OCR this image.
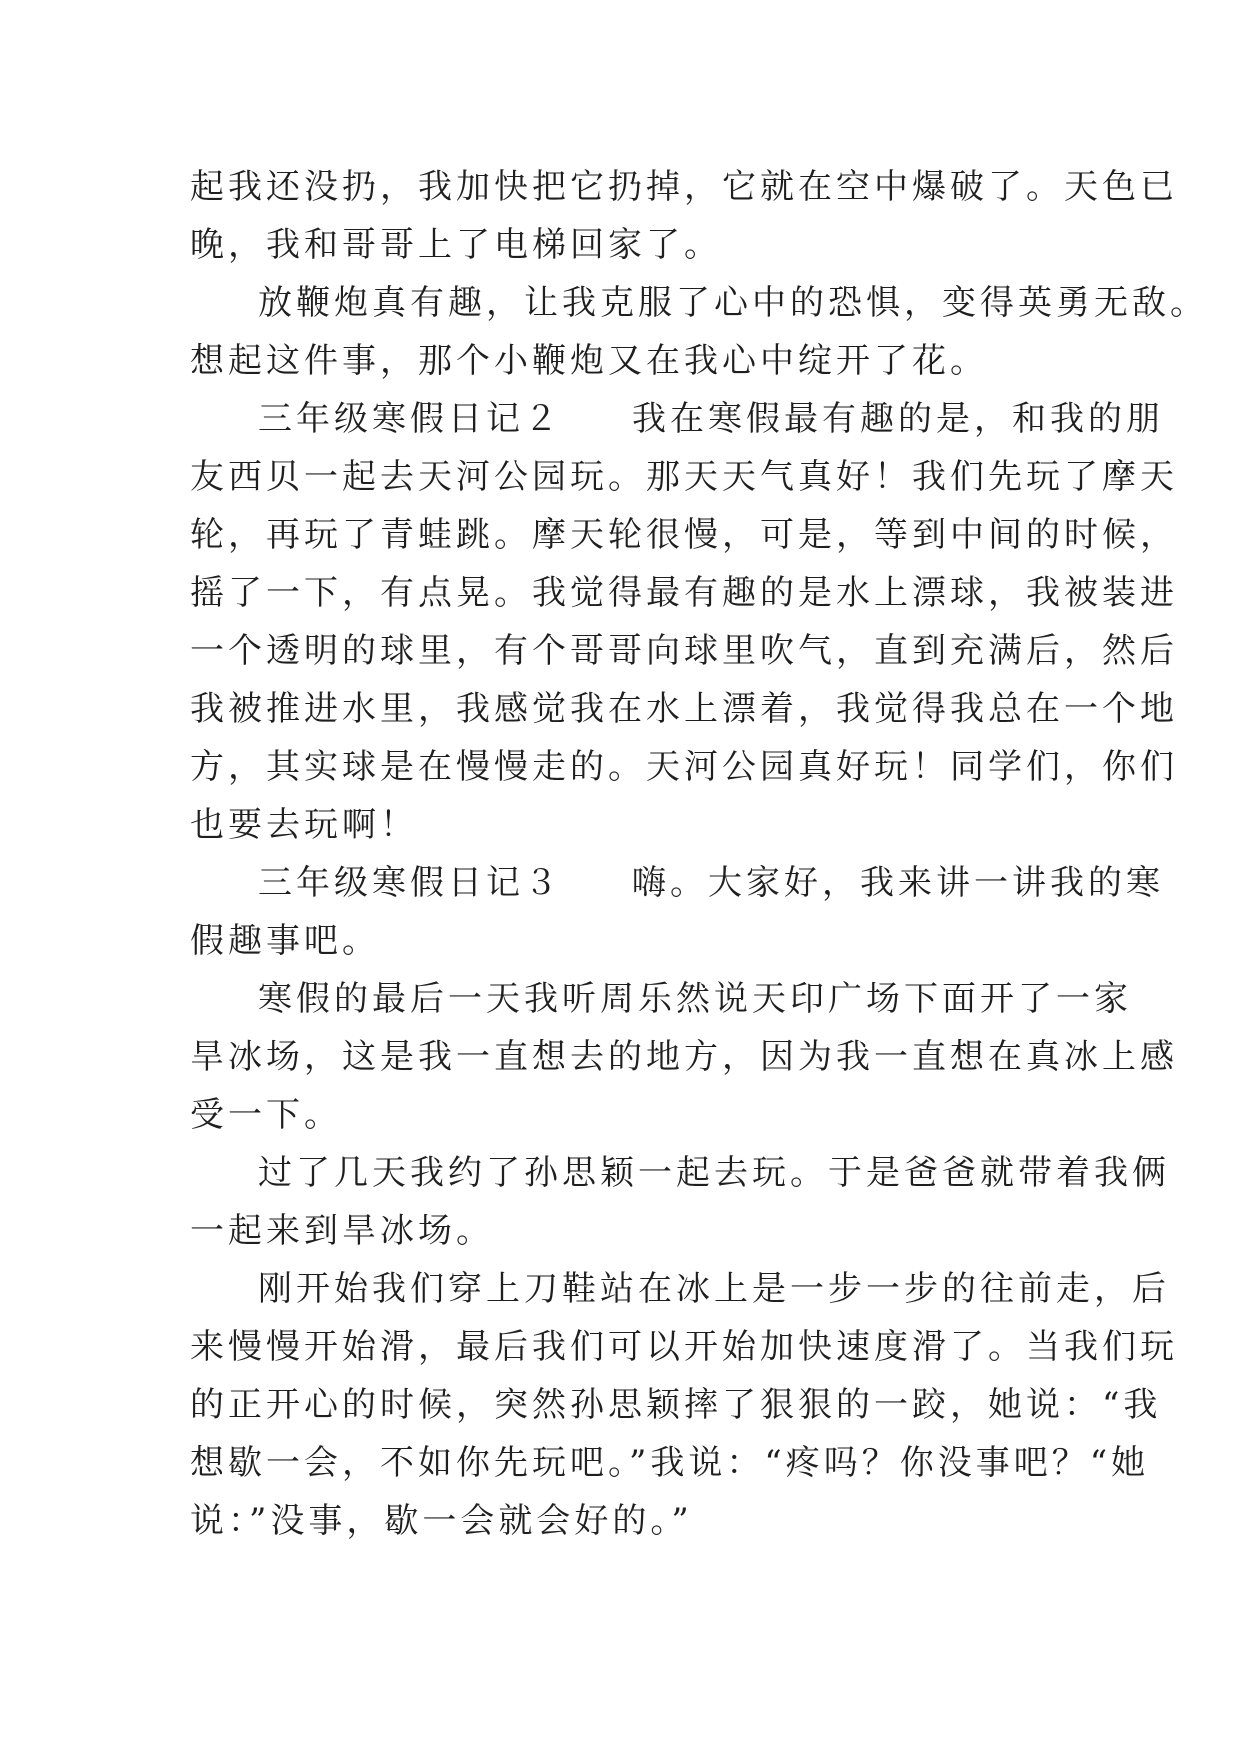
起我还没扔，我加快把它扔掉，它就在空中爆破了。天色已
晚，我和哥哥上了电梯回家了。
放鞭炮真有趣，让我克服了心中的恐惧，变得英勇无敌。
想起这件事，那个小鞭炮又在我心中绽开了花。
三年级寒假日记２ 我在寒假最有趣的是，和我的朋
友西贝一起去天河公园玩。那天天气真好！我们先玩了摩天
轮，再玩了青蛙跳。摩天轮很慢，可是，等到中间的时候，
摇了一下，有点晃。我觉得最有趣的是水上漂球，我被装进
一个透明的球里，有个哥哥向球里吹气，直到充满后，然后
我被推进水里，我感觉我在水上漂着，我觉得我总在一个地
方，其实球是在慢慢走的。天河公园真好玩！同学们，你们
也要去玩啊！
三年级寒假日记３ 嗨。大家好，我来讲一讲我的寒
假趣事吧。
寒假的最后一天我听周乐然说天印广场下面开了一家
旱冰场，这是我一直想去的地方，因为我一直想在真冰上感
受一下。
过了几天我约了孙思颖一起去玩。于是爸爸就带着我俩
一起来到旱冰场。
刚开始我们穿上刀鞋站在冰上是一步一步的往前走，后
来慢慢开始滑，最后我们可以开始加快速度滑了。当我们玩
的正开心的时候，突然孙思颖摔了狠狠的一跤，她说：“我
想歇一会，不如你先玩吧。”我说：“疼吗？你没事吧？“她
说：”没事，歇一会就会好的。”
